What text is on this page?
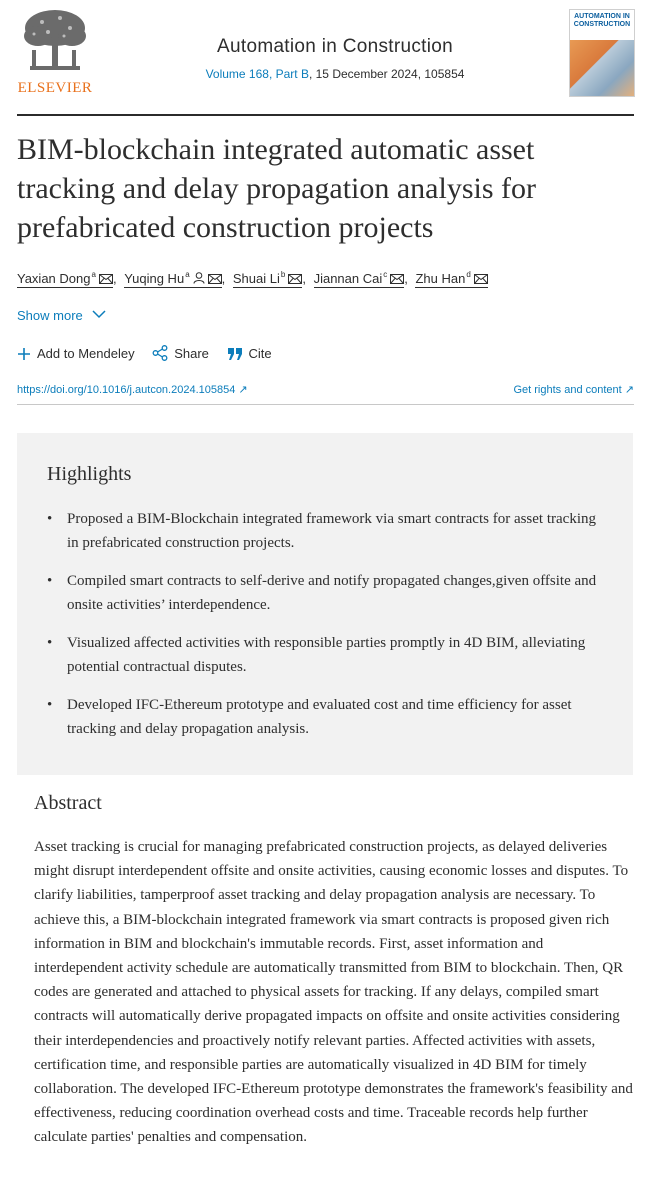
ELSEVIER
Automation in Construction
Volume 168, Part B, 15 December 2024, 105854
AUTOMATION IN CONSTRUCTION
BIM-blockchain integrated automatic asset tracking and delay propagation analysis for prefabricated construction projects
Yaxian Dong$^a$ , Yuqing Hu$^a$ , Shuai Li$^b$ , Jiannan Cai$^c$ , Zhu Han$^d$
Show more
Add to Mendeley	Share	Cite
https://doi.org/10.1016/j.autcon.2024.105854 ↗	Get rights and content ↗
Highlights
• Proposed a BIM-Blockchain integrated framework via smart contracts for asset tracking in prefabricated construction projects.
• Compiled smart contracts to self-derive and notify propagated changes,given offsite and onsite activities’ interdependence.
• Visualized affected activities with responsible parties promptly in 4D BIM, alleviating potential contractual disputes.
• Developed IFC-Ethereum prototype and evaluated cost and time efficiency for asset tracking and delay propagation analysis.
Abstract

Asset tracking is crucial for managing prefabricated construction projects, as delayed deliveries might disrupt interdependent offsite and onsite activities, causing economic losses and disputes. To clarify liabilities, tamperproof asset tracking and delay propagation analysis are necessary. To achieve this, a BIM-blockchain integrated framework via smart contracts is proposed given rich information in BIM and blockchain's immutable records. First, asset information and interdependent activity schedule are automatically transmitted from BIM to blockchain. Then, QR codes are generated and attached to physical assets for tracking. If any delays, compiled smart contracts will automatically derive propagated impacts on offsite and onsite activities considering their interdependencies and proactively notify relevant parties. Affected activities with assets, certification time, and responsible parties are automatically visualized in 4D BIM for timely collaboration. The developed IFC-Ethereum prototype demonstrates the framework's feasibility and effectiveness, reducing coordination overhead costs and time. Traceable records help further calculate parties' penalties and compensation.
